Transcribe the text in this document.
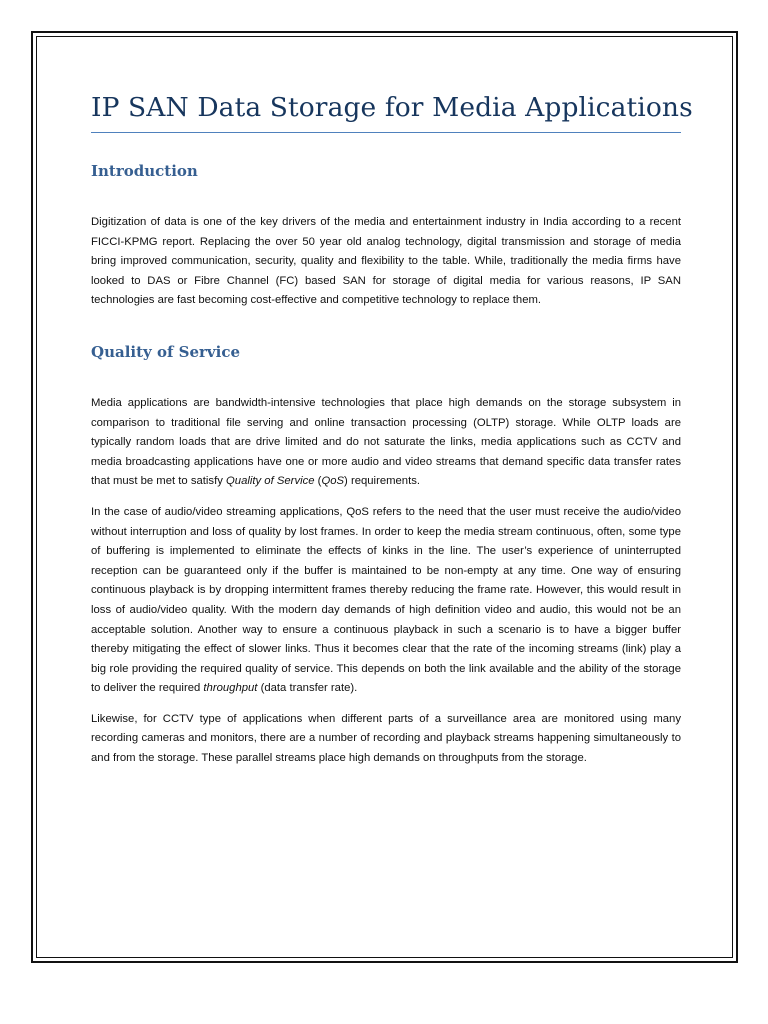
IP SAN Data Storage for Media Applications
Introduction

Digitization of data is one of the key drivers of the media and entertainment industry in India according to a recent FICCI-KPMG report. Replacing the over 50 year old analog technology, digital transmission and storage of media bring improved communication, security, quality and flexibility to the table. While, traditionally the media firms have looked to DAS or Fibre Channel (FC) based SAN for storage of digital media for various reasons, IP SAN technologies are fast becoming cost-effective and competitive technology to replace them.

Quality of Service

Media applications are bandwidth-intensive technologies that place high demands on the storage subsystem in comparison to traditional file serving and online transaction processing (OLTP) storage. While OLTP loads are typically random loads that are drive limited and do not saturate the links, media applications such as CCTV and media broadcasting applications have one or more audio and video streams that demand specific data transfer rates that must be met to satisfy Quality of Service (QoS) requirements.

In the case of audio/video streaming applications, QoS refers to the need that the user must receive the audio/video without interruption and loss of quality by lost frames. In order to keep the media stream continuous, often, some type of buffering is implemented to eliminate the effects of kinks in the line. The user’s experience of uninterrupted reception can be guaranteed only if the buffer is maintained to be non-empty at any time. One way of ensuring continuous playback is by dropping intermittent frames thereby reducing the frame rate. However, this would result in loss of audio/video quality. With the modern day demands of high definition video and audio, this would not be an acceptable solution. Another way to ensure a continuous playback in such a scenario is to have a bigger buffer thereby mitigating the effect of slower links. Thus it becomes clear that the rate of the incoming streams (link) play a big role providing the required quality of service. This depends on both the link available and the ability of the storage to deliver the required throughput (data transfer rate).

Likewise, for CCTV type of applications when different parts of a surveillance area are monitored using many recording cameras and monitors, there are a number of recording and playback streams happening simultaneously to and from the storage. These parallel streams place high demands on throughputs from the storage.
